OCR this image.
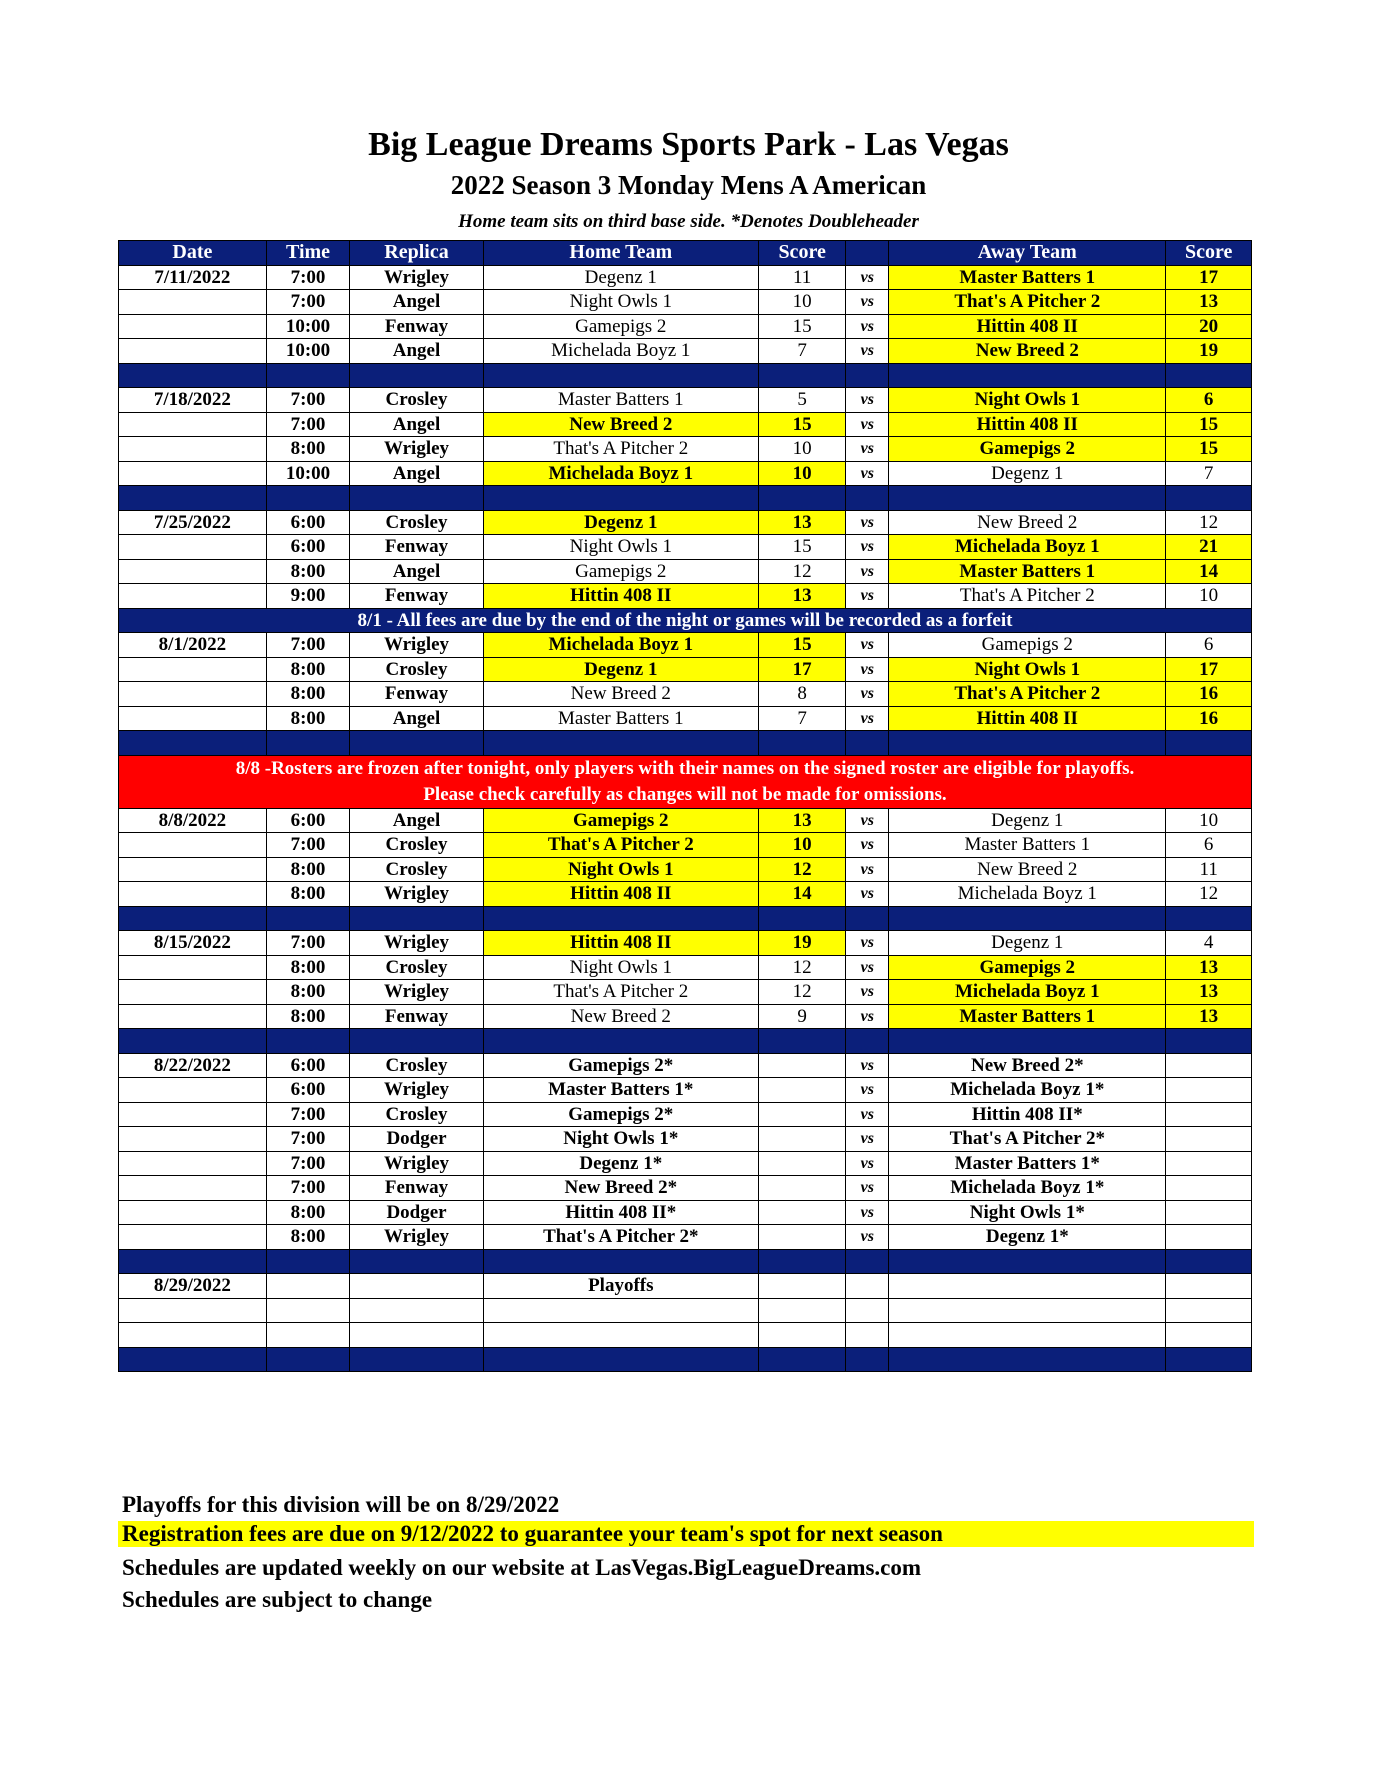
Big League Dreams Sports Park - Las Vegas
2022 Season 3 Monday Mens A American
Home team sits on third base side. *Denotes Doubleheader
Date	Time	Replica	Home Team	Score		Away Team	Score
7/11/2022	7:00	Wrigley	Degenz 1	11	vs	Master Batters 1	17
	7:00	Angel	Night Owls 1	10	vs	That's A Pitcher 2	13
	10:00	Fenway	Gamepigs 2	15	vs	Hittin 408 II	20
	10:00	Angel	Michelada Boyz 1	7	vs	New Breed 2	19

7/18/2022	7:00	Crosley	Master Batters 1	5	vs	Night Owls 1	6
	7:00	Angel	New Breed 2	15	vs	Hittin 408 II	15
	8:00	Wrigley	That's A Pitcher 2	10	vs	Gamepigs 2	15
	10:00	Angel	Michelada Boyz 1	10	vs	Degenz 1	7

7/25/2022	6:00	Crosley	Degenz 1	13	vs	New Breed 2	12
	6:00	Fenway	Night Owls 1	15	vs	Michelada Boyz 1	21
	8:00	Angel	Gamepigs 2	12	vs	Master Batters 1	14
	9:00	Fenway	Hittin 408 II	13	vs	That's A Pitcher 2	10
8/1 - All fees are due by the end of the night or games will be recorded as a forfeit							
8/1/2022	7:00	Wrigley	Michelada Boyz 1	15	vs	Gamepigs 2	6
	8:00	Crosley	Degenz 1	17	vs	Night Owls 1	17
	8:00	Fenway	New Breed 2	8	vs	That's A Pitcher 2	16
	8:00	Angel	Master Batters 1	7	vs	Hittin 408 II	16

8/8 -Rosters are frozen after tonight, only players with their names on the signed roster are eligible for playoffs.
Please check carefully as changes will not be made for omissions.							

8/8/2022	6:00	Angel	Gamepigs 2	13	vs	Degenz 1	10
	7:00	Crosley	That's A Pitcher 2	10	vs	Master Batters 1	6
	8:00	Crosley	Night Owls 1	12	vs	New Breed 2	11
	8:00	Wrigley	Hittin 408 II	14	vs	Michelada Boyz 1	12

8/15/2022	7:00	Wrigley	Hittin 408 II	19	vs	Degenz 1	4
	8:00	Crosley	Night Owls 1	12	vs	Gamepigs 2	13
	8:00	Wrigley	That's A Pitcher 2	12	vs	Michelada Boyz 1	13
	8:00	Fenway	New Breed 2	9	vs	Master Batters 1	13

8/22/2022	6:00	Crosley	Gamepigs 2*		vs	New Breed 2*	
	6:00	Wrigley	Master Batters 1*		vs	Michelada Boyz 1*	
	7:00	Crosley	Gamepigs 2*		vs	Hittin 408 II*	
	7:00	Dodger	Night Owls 1*		vs	That's A Pitcher 2*	
	7:00	Wrigley	Degenz 1*		vs	Master Batters 1*	
	7:00	Fenway	New Breed 2*		vs	Michelada Boyz 1*	
	8:00	Dodger	Hittin 408 II*		vs	Night Owls 1*	
	8:00	Wrigley	That's A Pitcher 2*		vs	Degenz 1*	

8/29/2022			Playoffs				

Playoffs for this division will be on 8/29/2022
Registration fees are due on 9/12/2022 to guarantee your team's spot for next season
Schedules are updated weekly on our website at LasVegas.BigLeagueDreams.com
Schedules are subject to change
